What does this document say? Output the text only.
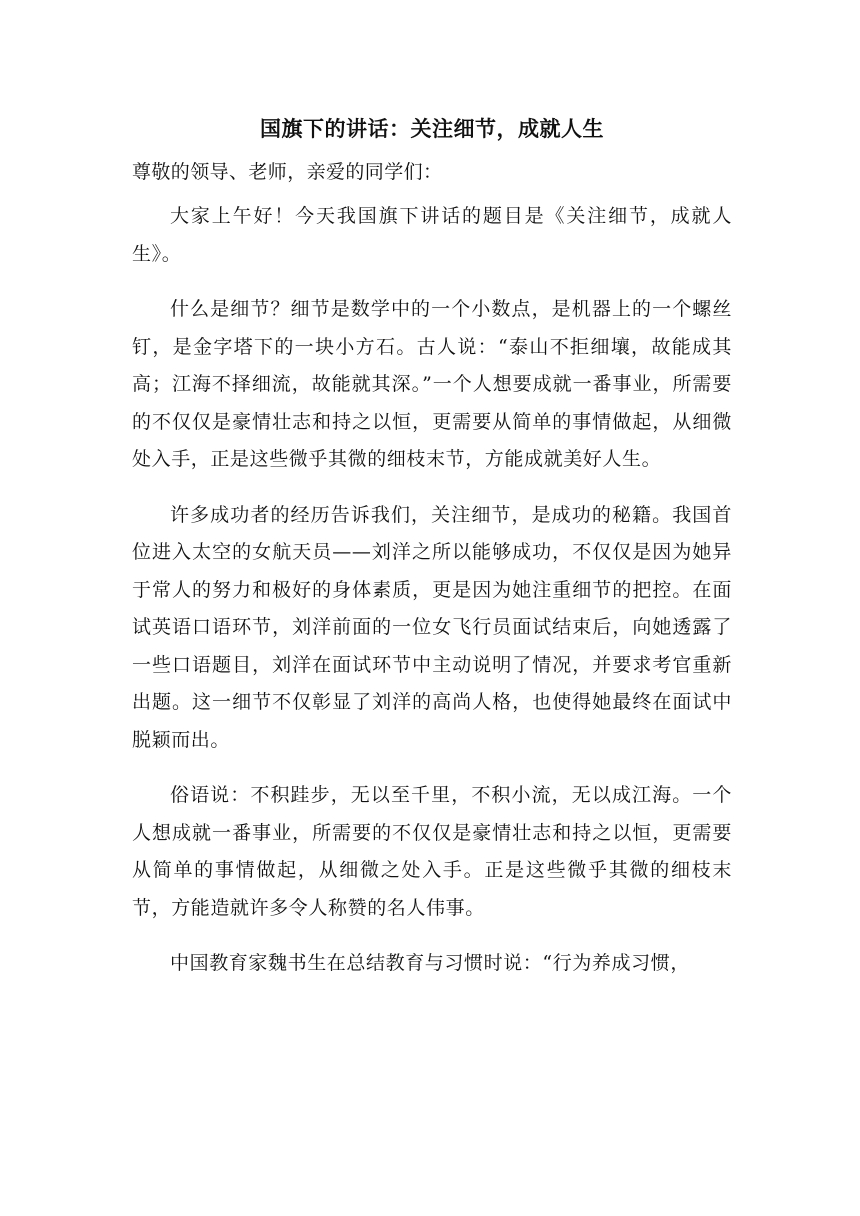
国旗下的讲话：关注细节，成就人生

尊敬的领导、老师，亲爱的同学们：

大家上午好！今天我国旗下讲话的题目是《关注细节，成就人生》。

什么是细节？细节是数学中的一个小数点，是机器上的一个螺丝钉，是金字塔下的一块小方石。古人说：“泰山不拒细壤，故能成其高；江海不择细流，故能就其深。”一个人想要成就一番事业，所需要的不仅仅是豪情壮志和持之以恒，更需要从简单的事情做起，从细微处入手，正是这些微乎其微的细枝末节，方能成就美好人生。

许多成功者的经历告诉我们，关注细节，是成功的秘籍。我国首位进入太空的女航天员——刘洋之所以能够成功，不仅仅是因为她异于常人的努力和极好的身体素质，更是因为她注重细节的把控。在面试英语口语环节，刘洋前面的一位女飞行员面试结束后，向她透露了一些口语题目，刘洋在面试环节中主动说明了情况，并要求考官重新出题。这一细节不仅彰显了刘洋的高尚人格，也使得她最终在面试中脱颖而出。

俗语说：不积跬步，无以至千里，不积小流，无以成江海。一个人想成就一番事业，所需要的不仅仅是豪情壮志和持之以恒，更需要从简单的事情做起，从细微之处入手。正是这些微乎其微的细枝末节，方能造就许多令人称赞的名人伟事。

中国教育家魏书生在总结教育与习惯时说：“行为养成习惯，
